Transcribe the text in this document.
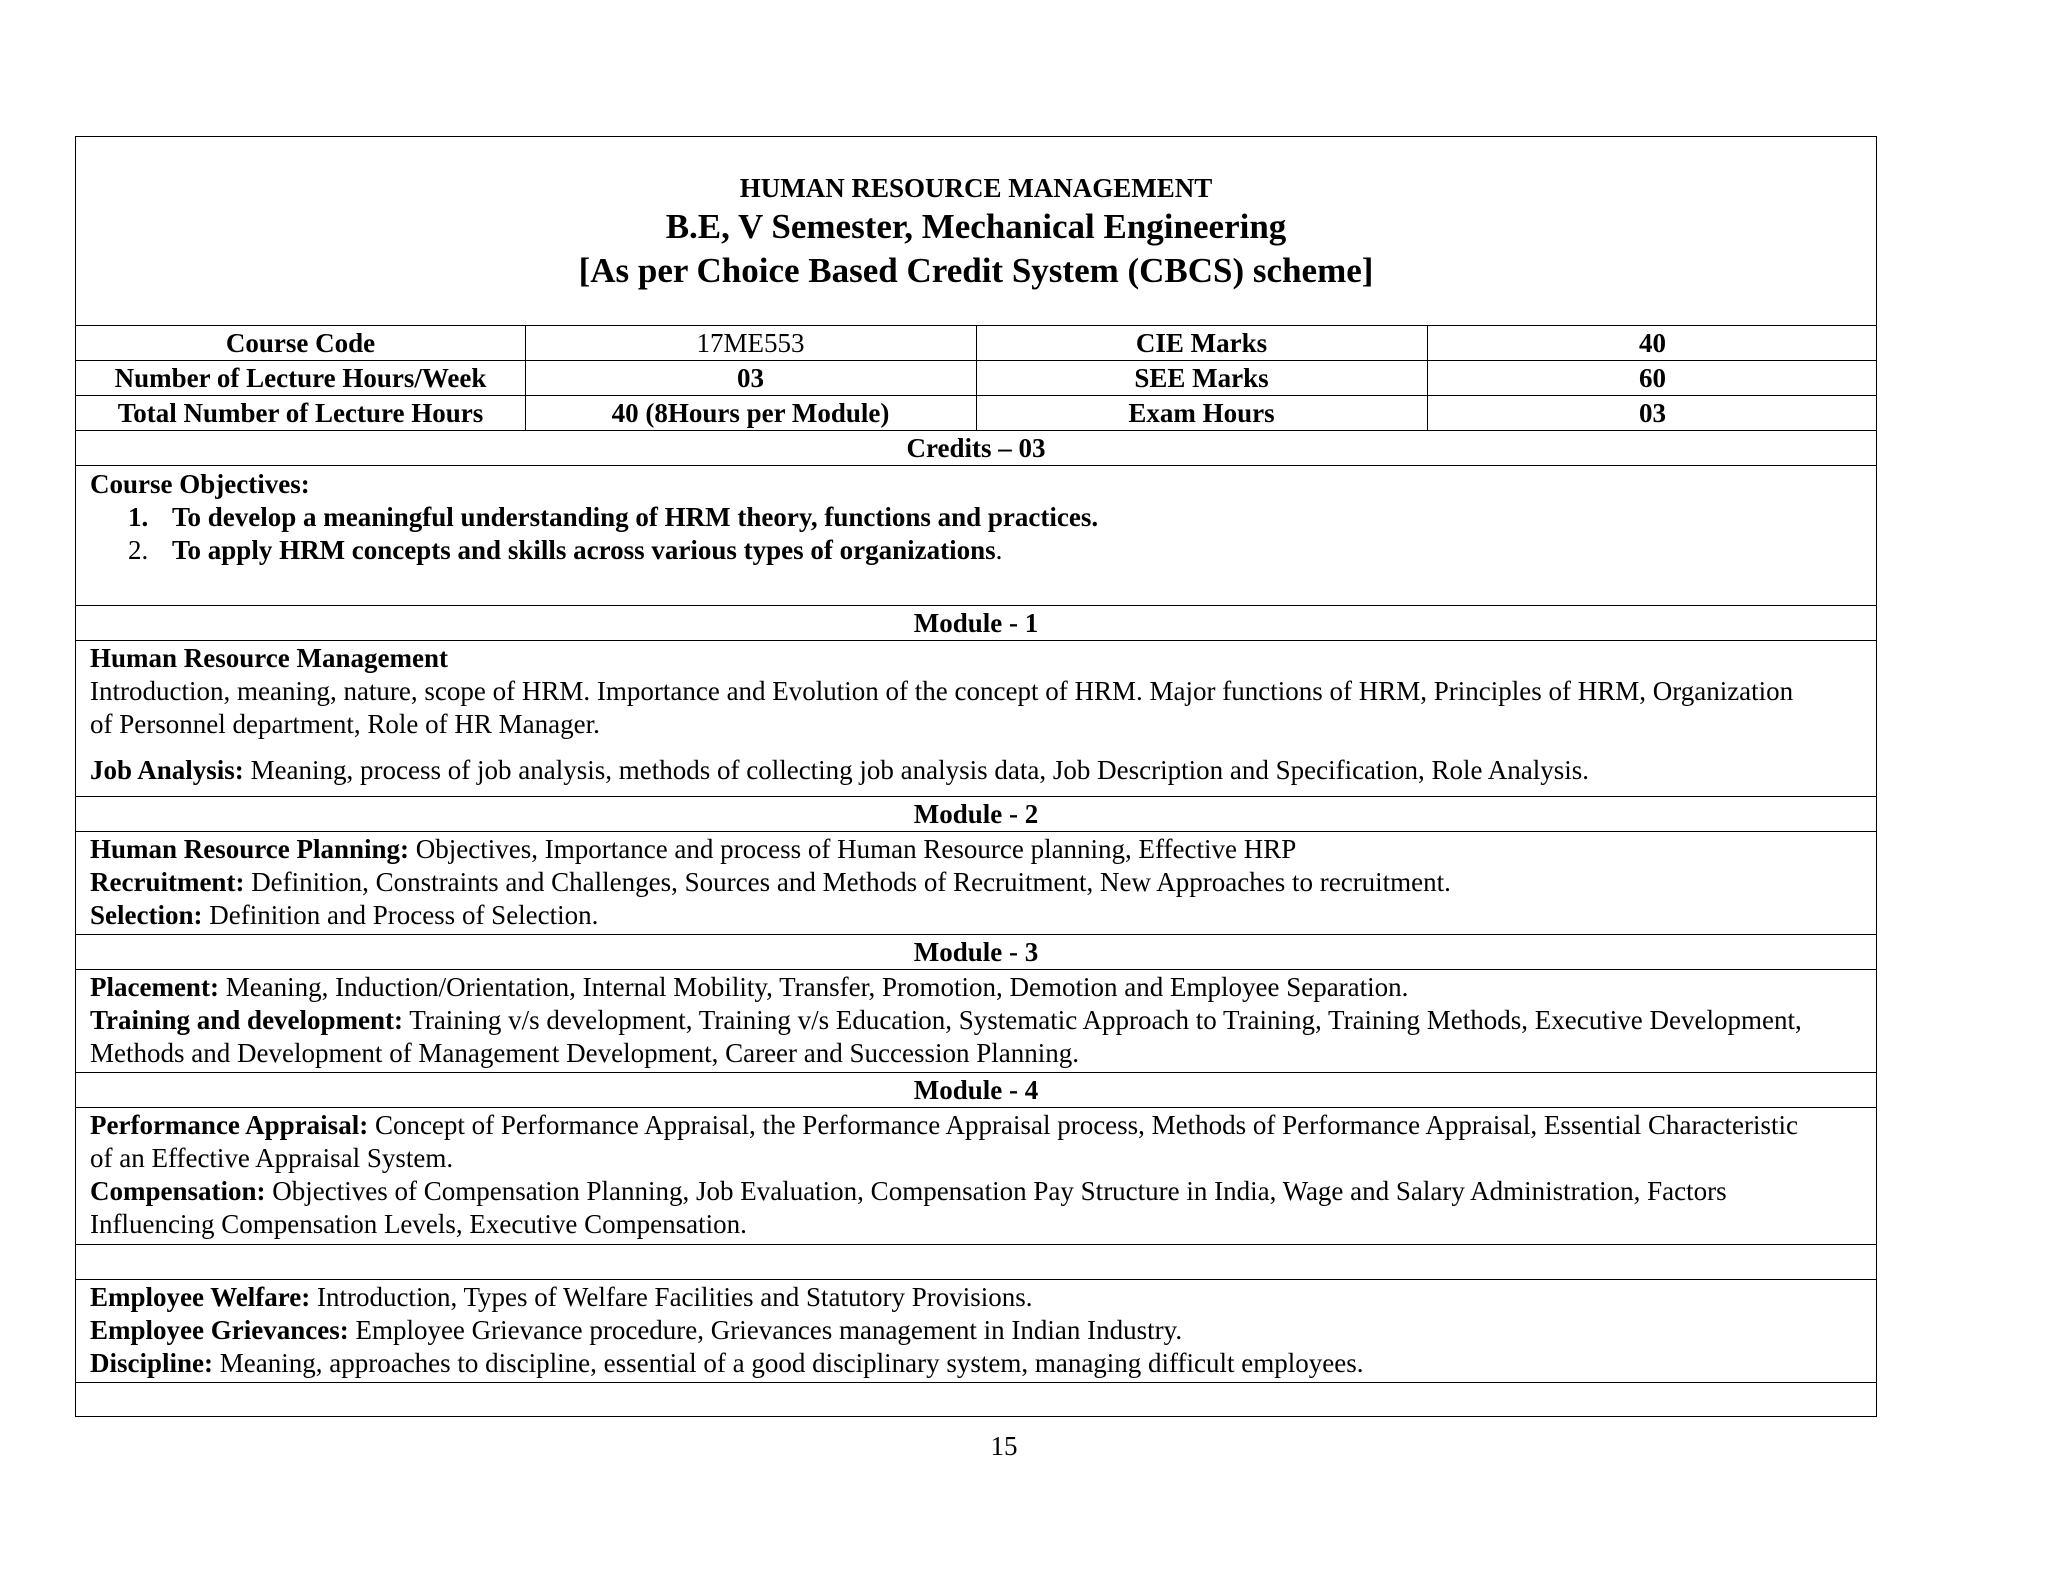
HUMAN RESOURCE MANAGEMENT
B.E, V Semester, Mechanical Engineering
[As per Choice Based Credit System (CBCS) scheme]
Course Code	17ME553	CIE Marks	40
Number of Lecture Hours/Week	03	SEE Marks	60
Total Number of Lecture Hours	40 (8Hours per Module)	Exam Hours	03
Credits – 03

Course Objectives:

1. To develop a meaningful understanding of HRM theory, functions and practices.
2. To apply HRM concepts and skills across various types of organizations.
Module - 1

Human Resource Management

Introduction, meaning, nature, scope of HRM. Importance and Evolution of the concept of HRM. Major functions of HRM, Principles of HRM, Organization of Personnel department, Role of HR Manager.

Job Analysis: Meaning, process of job analysis, methods of collecting job analysis data, Job Description and Specification, Role Analysis.

Module - 2

Human Resource Planning: Objectives, Importance and process of Human Resource planning, Effective HRP

Recruitment: Definition, Constraints and Challenges, Sources and Methods of Recruitment, New Approaches to recruitment.

Selection: Definition and Process of Selection.

Module - 3

Placement: Meaning, Induction/Orientation, Internal Mobility, Transfer, Promotion, Demotion and Employee Separation.

Training and development: Training v/s development, Training v/s Education, Systematic Approach to Training, Training Methods, Executive Development, Methods and Development of Management Development, Career and Succession Planning.

Module - 4

Performance Appraisal: Concept of Performance Appraisal, the Performance Appraisal process, Methods of Performance Appraisal, Essential Characteristic of an Effective Appraisal System.

Compensation: Objectives of Compensation Planning, Job Evaluation, Compensation Pay Structure in India, Wage and Salary Administration, Factors Influencing Compensation Levels, Executive Compensation.

Employee Welfare: Introduction, Types of Welfare Facilities and Statutory Provisions.

Employee Grievances: Employee Grievance procedure, Grievances management in Indian Industry.

Discipline: Meaning, approaches to discipline, essential of a good disciplinary system, managing difficult employees.

15
